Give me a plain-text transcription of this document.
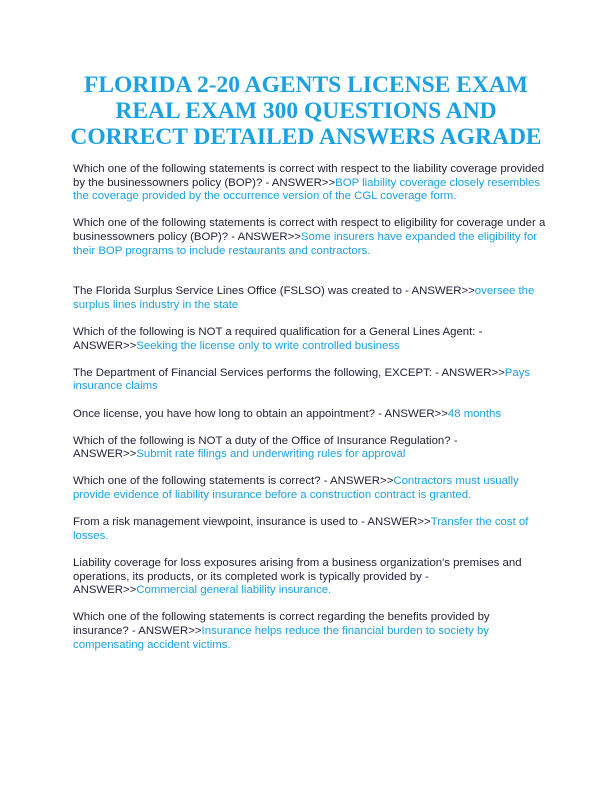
FLORIDA 2-20 AGENTS LICENSE EXAM
REAL EXAM 300 QUESTIONS AND
CORRECT DETAILED ANSWERS AGRADE

Which one of the following statements is correct with respect to the liability coverage provided by the businessowners policy (BOP)? - ANSWER>>BOP liability coverage closely resembles the coverage provided by the occurrence version of the CGL coverage form.

Which one of the following statements is correct with respect to eligibility for coverage under a businessowners policy (BOP)? - ANSWER>>Some insurers have expanded the eligibility for their BOP programs to include restaurants and contractors.

The Florida Surplus Service Lines Office (FSLSO) was created to - ANSWER>>oversee the surplus lines industry in the state

Which of the following is NOT a required qualification for a General Lines Agent: - ANSWER>>Seeking the license only to write controlled business

The Department of Financial Services performs the following, EXCEPT: - ANSWER>>Pays insurance claims

Once license, you have how long to obtain an appointment? - ANSWER>>48 months

Which of the following is NOT a duty of the Office of Insurance Regulation? - ANSWER>>Submit rate filings and underwriting rules for approval

Which one of the following statements is correct? - ANSWER>>Contractors must usually provide evidence of liability insurance before a construction contract is granted.

From a risk management viewpoint, insurance is used to - ANSWER>>Transfer the cost of losses.

Liability coverage for loss exposures arising from a business organization's premises and operations, its products, or its completed work is typically provided by - ANSWER>>Commercial general liability insurance.

Which one of the following statements is correct regarding the benefits provided by insurance? - ANSWER>>Insurance helps reduce the financial burden to society by compensating accident victims.
